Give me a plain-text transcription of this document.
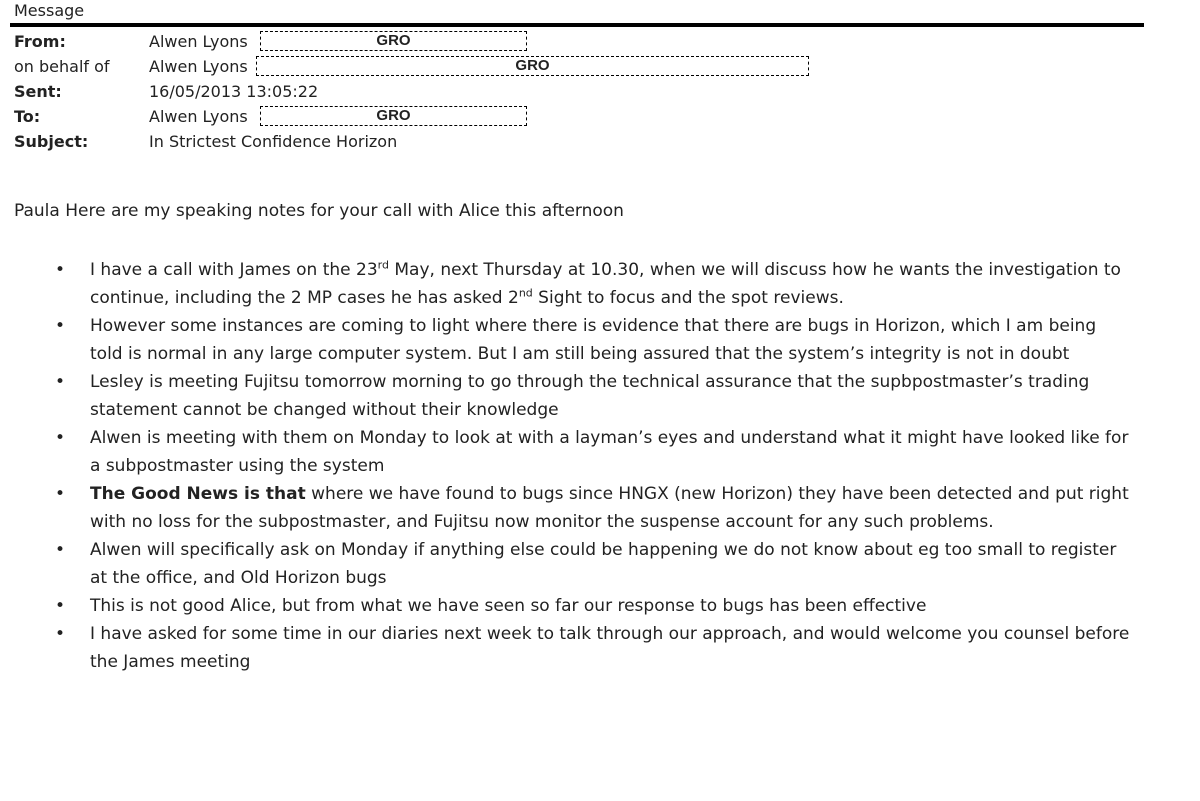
Message
From:	Alwen Lyons	GRO
on behalf of Alwen Lyons	GRO
Sent:	16/05/2013 13:05:22
To:	Alwen Lyons	GRO
Subject:	In Strictest Confidence Horizon
Paula Here are my speaking notes for your call with Alice this afternoon
• I have a call with James on the 23rd May, next Thursday at 10.30, when we will discuss how he wants the investigation to continue, including the 2 MP cases he has asked 2nd Sight to focus and the spot reviews.
• However some instances are coming to light where there is evidence that there are bugs in Horizon, which I am being told is normal in any large computer system. But I am still being assured that the system’s integrity is not in doubt
• Lesley is meeting Fujitsu tomorrow morning to go through the technical assurance that the supbpostmaster’s trading statement cannot be changed without their knowledge
• Alwen is meeting with them on Monday to look at with a layman’s eyes and understand what it might have looked like for a subpostmaster using the system
• The Good News is that where we have found to bugs since HNGX (new Horizon) they have been detected and put right with no loss for the subpostmaster, and Fujitsu now monitor the suspense account for any such problems.
• Alwen will specifically ask on Monday if anything else could be happening we do not know about eg too small to register at the office, and Old Horizon bugs
• This is not good Alice, but from what we have seen so far our response to bugs has been effective
• I have asked for some time in our diaries next week to talk through our approach, and would welcome you counsel before the James meeting
